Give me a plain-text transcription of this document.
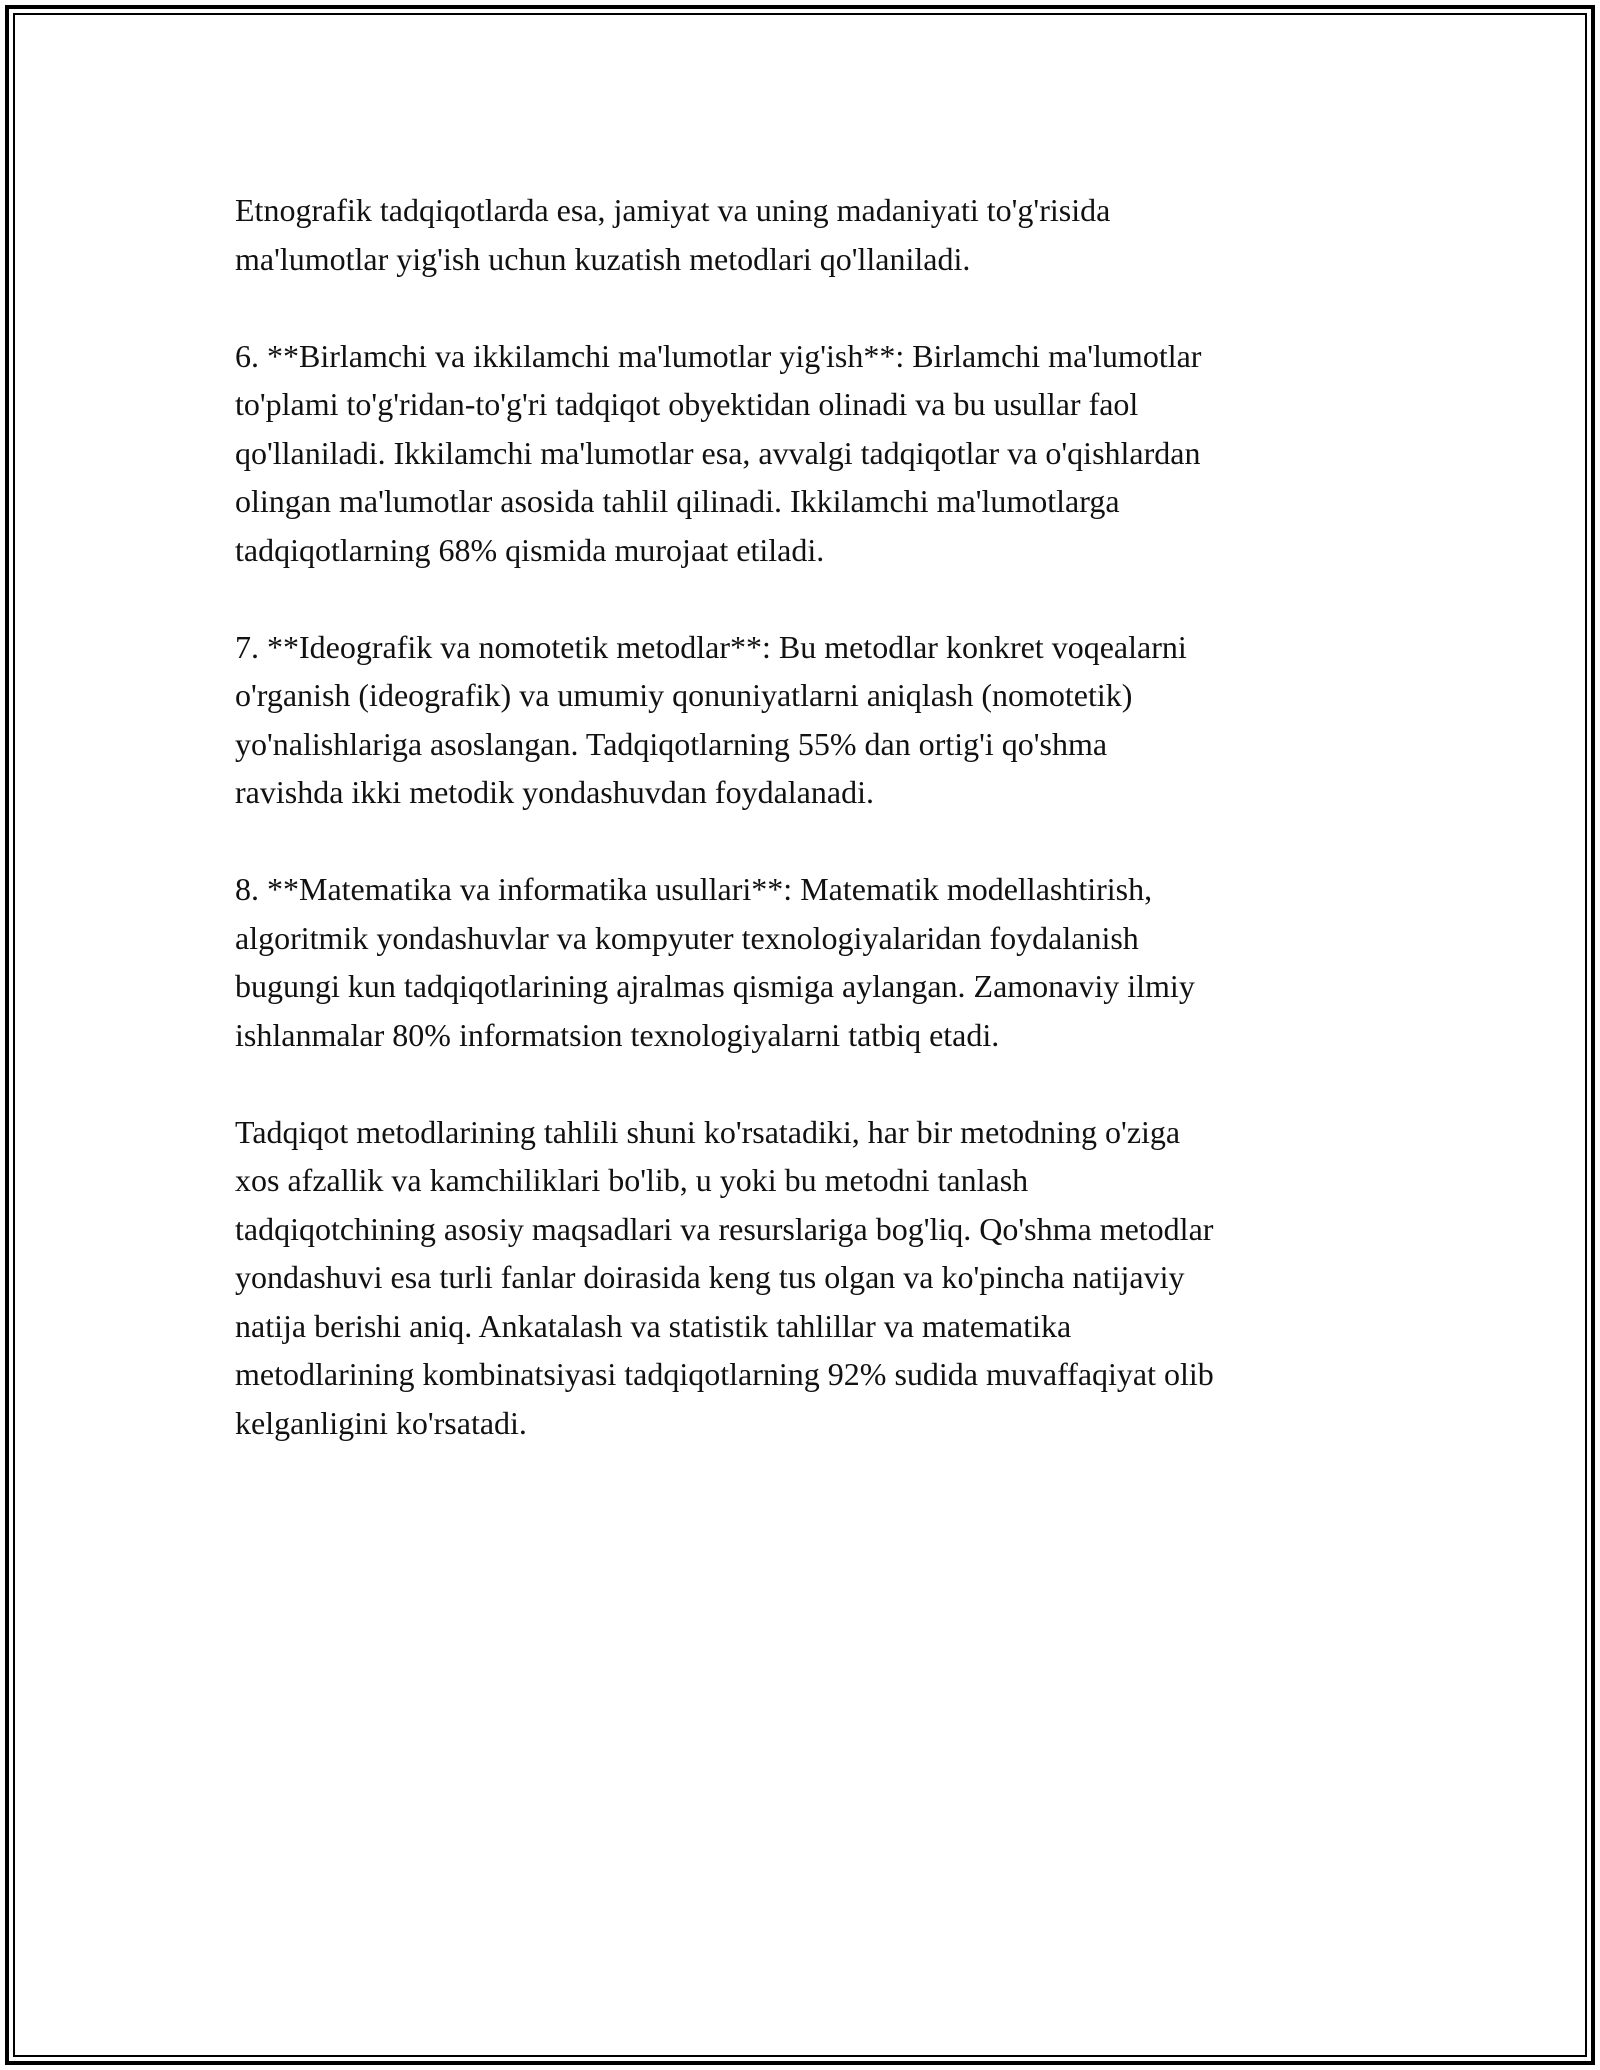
Etnografik tadqiqotlarda esa, jamiyat va uning madaniyati to'g'risida
ma'lumotlar yig'ish uchun kuzatish metodlari qo'llaniladi.

6. **Birlamchi va ikkilamchi ma'lumotlar yig'ish**: Birlamchi ma'lumotlar
to'plami to'g'ridan-to'g'ri tadqiqot obyektidan olinadi va bu usullar faol
qo'llaniladi. Ikkilamchi ma'lumotlar esa, avvalgi tadqiqotlar va o'qishlardan
olingan ma'lumotlar asosida tahlil qilinadi. Ikkilamchi ma'lumotlarga
tadqiqotlarning 68% qismida murojaat etiladi.

7. **Ideografik va nomotetik metodlar**: Bu metodlar konkret voqealarni
o'rganish (ideografik) va umumiy qonuniyatlarni aniqlash (nomotetik)
yo'nalishlariga asoslangan. Tadqiqotlarning 55% dan ortig'i qo'shma
ravishda ikki metodik yondashuvdan foydalanadi.

8. **Matematika va informatika usullari**: Matematik modellashtirish,
algoritmik yondashuvlar va kompyuter texnologiyalaridan foydalanish
bugungi kun tadqiqotlarining ajralmas qismiga aylangan. Zamonaviy ilmiy
ishlanmalar 80% informatsion texnologiyalarni tatbiq etadi.

Tadqiqot metodlarining tahlili shuni ko'rsatadiki, har bir metodning o'ziga
xos afzallik va kamchiliklari bo'lib, u yoki bu metodni tanlash
tadqiqotchining asosiy maqsadlari va resurslariga bog'liq. Qo'shma metodlar
yondashuvi esa turli fanlar doirasida keng tus olgan va ko'pincha natijaviy
natija berishi aniq. Ankatalash va statistik tahlillar va matematika
metodlarining kombinatsiyasi tadqiqotlarning 92% sudida muvaffaqiyat olib
kelganligini ko'rsatadi.
